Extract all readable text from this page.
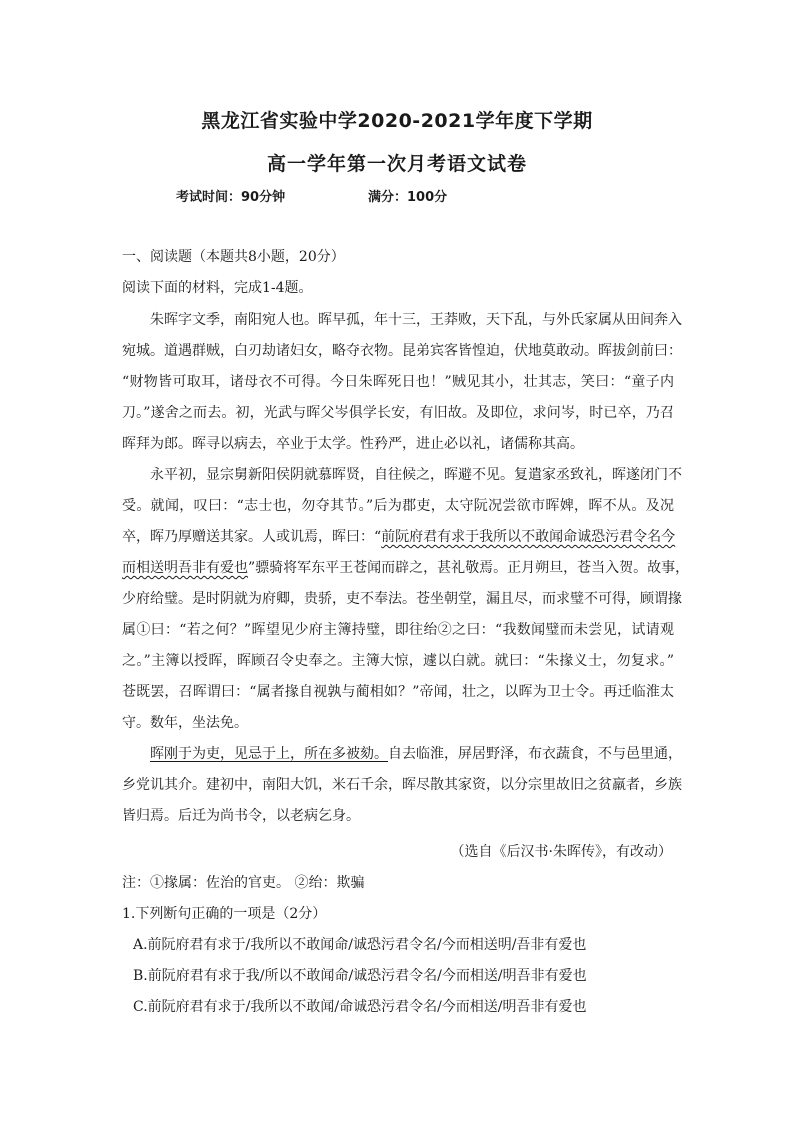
黑龙江省实验中学2020-2021学年度下学期
高一学年第一次月考语文试卷
考试时间：90分钟	满分：100分
一、阅读题（本题共8小题，20分）
阅读下面的材料，完成1-4题。
朱晖字文季，南阳宛人也。晖早孤，年十三，王莽败，天下乱，与外氏家属从田间奔入
宛城。道遇群贼，白刃劫诸妇女，略夺衣物。昆弟宾客皆惶迫，伏地莫敢动。晖拔剑前曰：
“财物皆可取耳，诸母衣不可得。今日朱晖死日也！”贼见其小，壮其志，笑曰：“童子内
刀。”遂舍之而去。初，光武与晖父岑俱学长安，有旧故。及即位，求问岑，时已卒，乃召
晖拜为郎。晖寻以病去，卒业于太学。性矜严，进止必以礼，诸儒称其高。
永平初，显宗舅新阳侯阴就慕晖贤，自往候之，晖避不见。复遣家丞致礼，晖遂闭门不
受。就闻，叹曰：“志士也，勿夺其节。”后为郡吏，太守阮况尝欲市晖婢，晖不从。及况
卒，晖乃厚赠送其家。人或讥焉，晖曰：“前阮府君有求于我所以不敢闻命诚恐污君令名今
而相送明吾非有爱也”骠骑将军东平王苍闻而辟之，甚礼敬焉。正月朔旦，苍当入贺。故事，
少府给璧。是时阴就为府卿，贵骄，吏不奉法。苍坐朝堂，漏且尽，而求璧不可得，顾谓掾
属①曰：“若之何？”晖望见少府主簿持璧，即往绐②之曰：“我数闻璧而未尝见，试请观
之。”主簿以授晖，晖顾召令史奉之。主簿大惊，遽以白就。就曰：“朱掾义士，勿复求。”
苍既罢，召晖谓曰：“属者掾自视孰与蔺相如？”帝闻，壮之，以晖为卫士令。再迁临淮太
守。数年，坐法免。
晖刚于为吏，见忌于上，所在多被劾。自去临淮，屏居野泽，布衣蔬食，不与邑里通，
乡党讥其介。建初中，南阳大饥，米石千余，晖尽散其家资，以分宗里故旧之贫羸者，乡族
皆归焉。后迁为尚书令，以老病乞身。
（选自《后汉书·朱晖传》，有改动）
注：①掾属：佐治的官吏。 ②绐：欺骗
1.下列断句正确的一项是（2分）
A.前阮府君有求于/我所以不敢闻命/诚恐污君令名/今而相送明/吾非有爱也
B.前阮府君有求于我/所以不敢闻命/诚恐污君令名/今而相送/明吾非有爱也
C.前阮府君有求于/我所以不敢闻/命诚恐污君令名/今而相送/明吾非有爱也
